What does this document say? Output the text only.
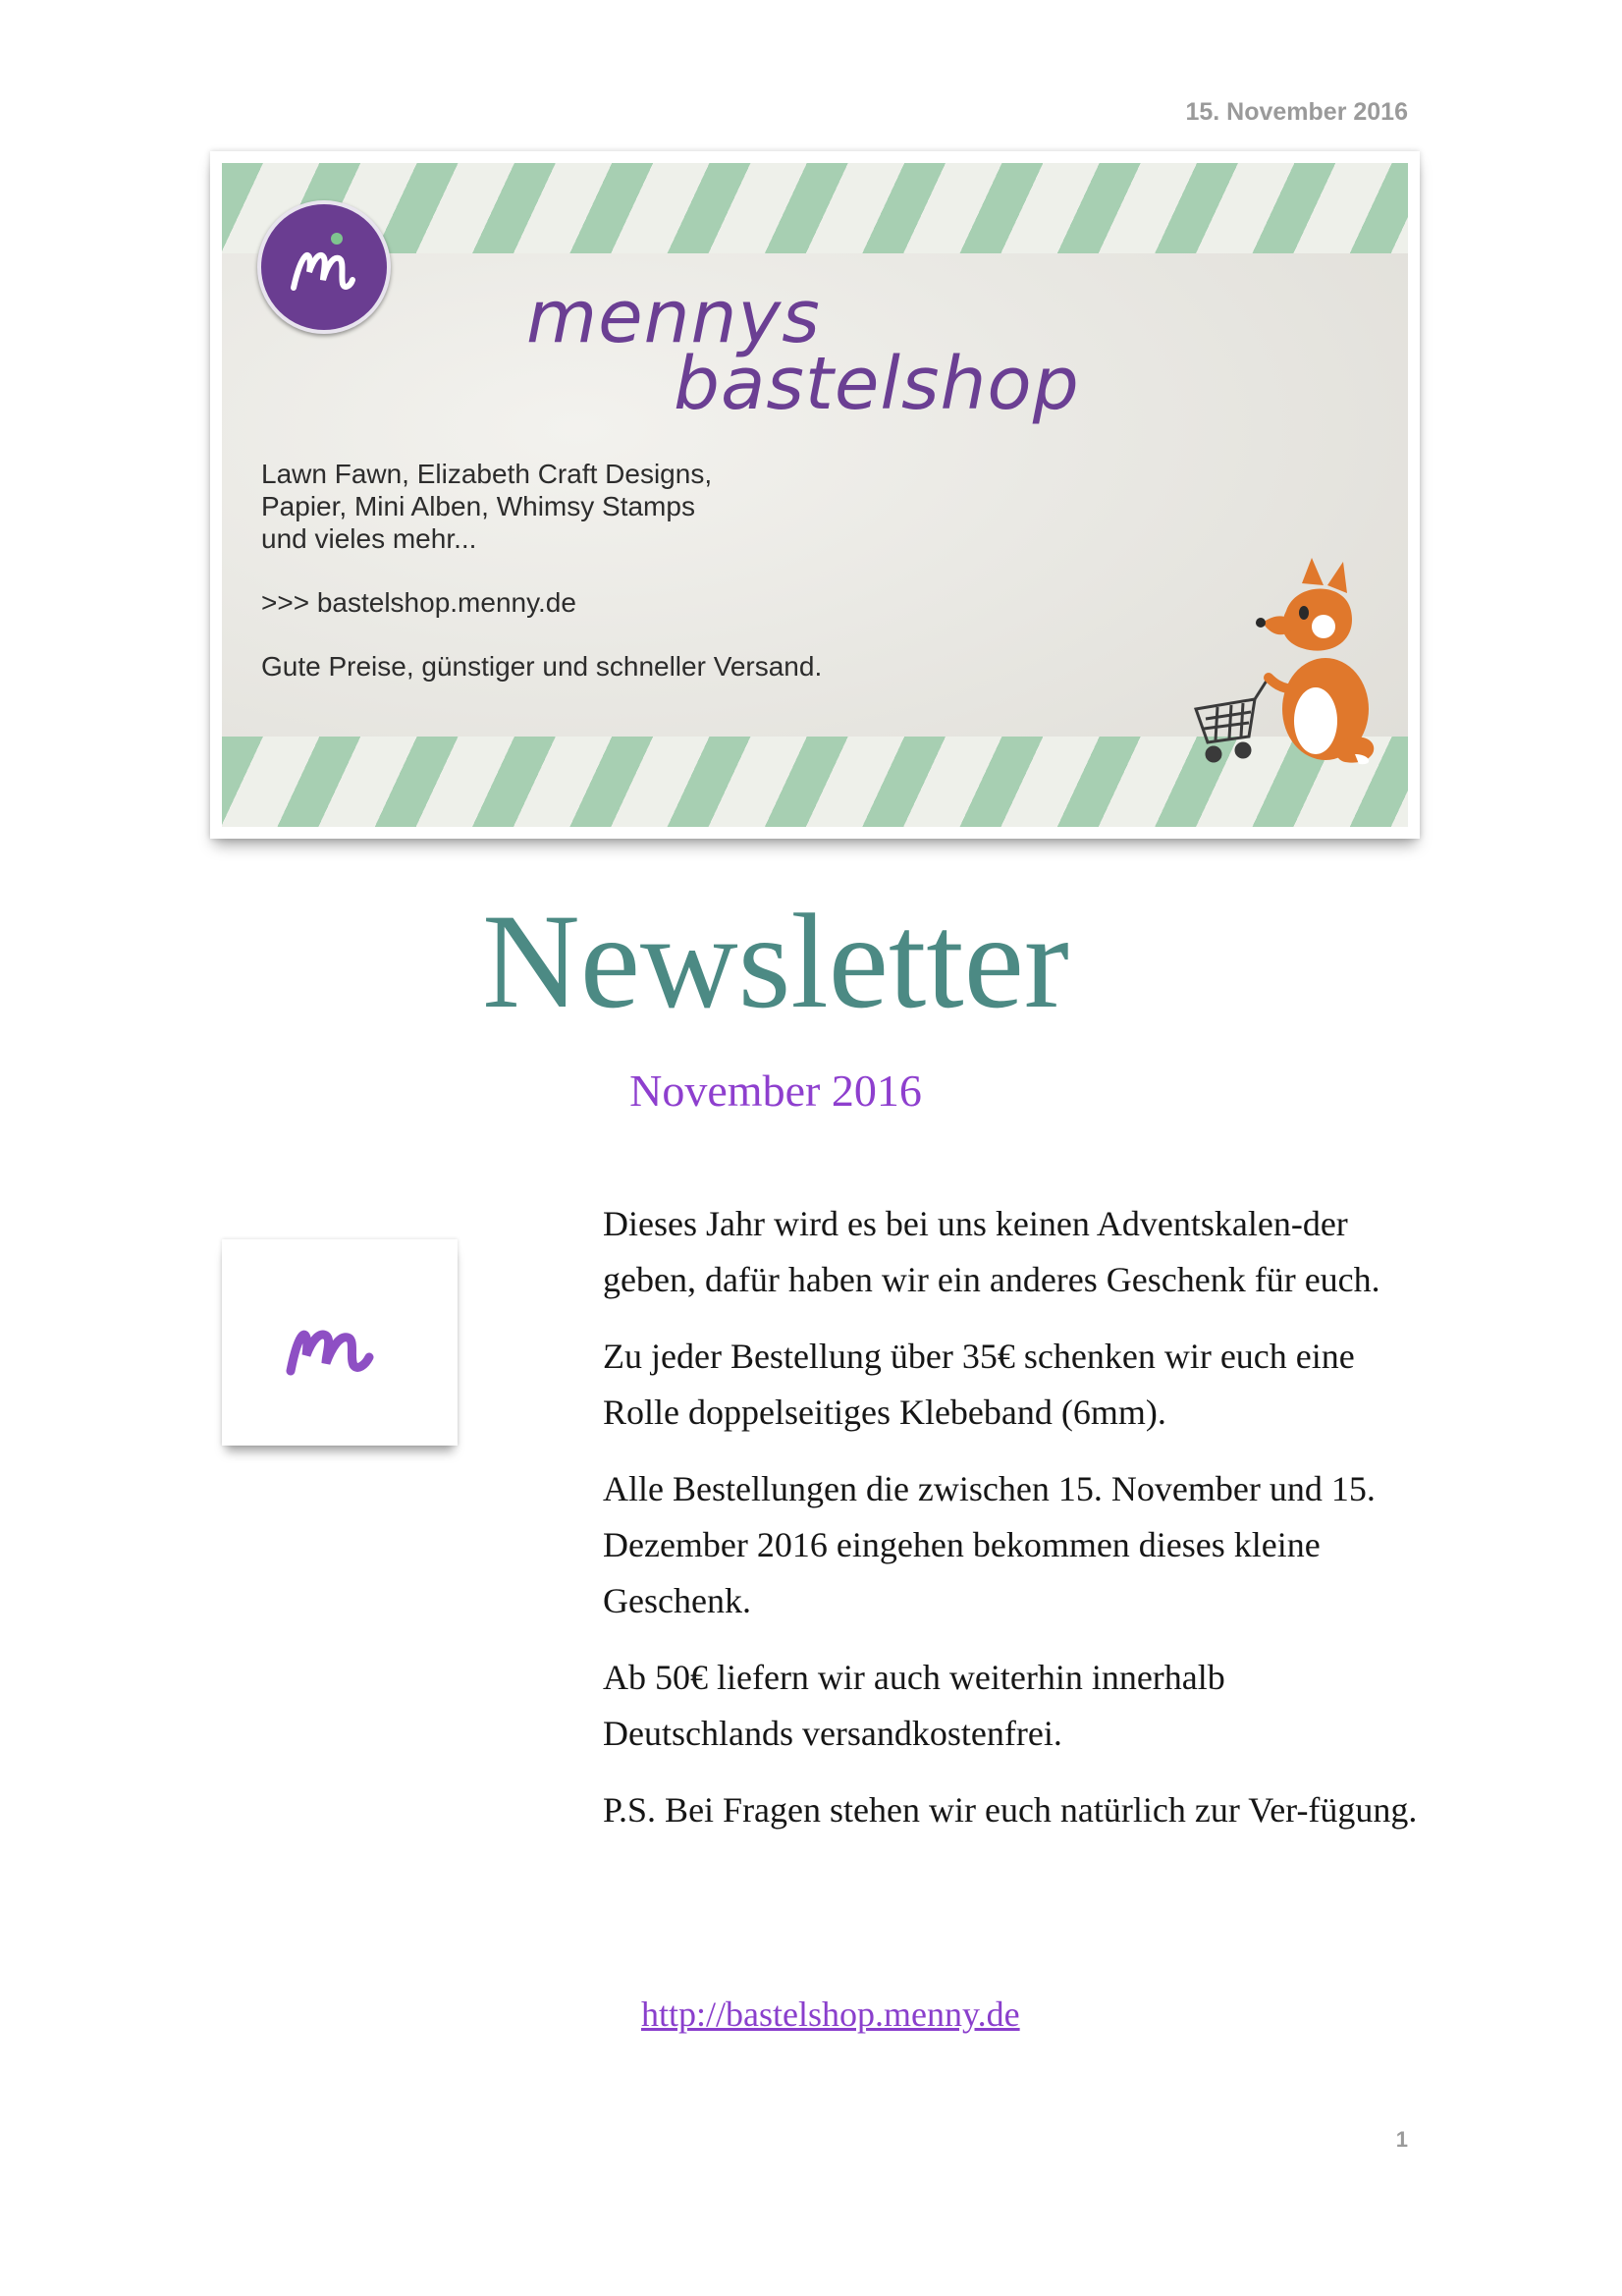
15. November 2016
mennys
bastelshop

Lawn Fawn, Elizabeth Craft Designs,
Papier, Mini Alben, Whimsy Stamps
und vieles mehr...

>>> bastelshop.menny.de

Gute Preise, günstiger und schneller Versand.

Newsletter
November 2016

Dieses Jahr wird es bei uns keinen Adventskalen-der geben, dafür haben wir ein anderes Geschenk für euch.

Zu jeder Bestellung über 35€ schenken wir euch eine Rolle doppelseitiges Klebeband (6mm).

Alle Bestellungen die zwischen 15. November und 15. Dezember 2016 eingehen bekommen dieses kleine Geschenk.

Ab 50€ liefern wir auch weiterhin innerhalb Deutschlands versandkostenfrei.

P.S. Bei Fragen stehen wir euch natürlich zur Ver-fügung.

http://bastelshop.menny.de
1
